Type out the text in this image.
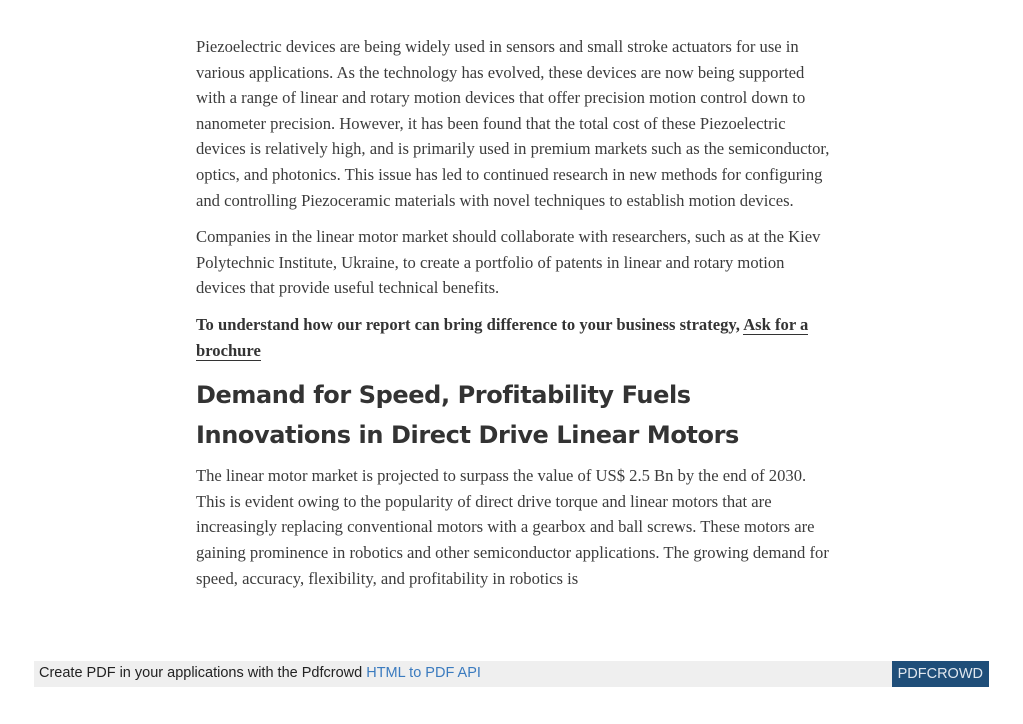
Piezoelectric devices are being widely used in sensors and small stroke actuators for use in various applications. As the technology has evolved, these devices are now being supported with a range of linear and rotary motion devices that offer precision motion control down to nanometer precision. However, it has been found that the total cost of these Piezoelectric devices is relatively high, and is primarily used in premium markets such as the semiconductor, optics, and photonics. This issue has led to continued research in new methods for configuring and controlling Piezoceramic materials with novel techniques to establish motion devices.

Companies in the linear motor market should collaborate with researchers, such as at the Kiev Polytechnic Institute, Ukraine, to create a portfolio of patents in linear and rotary motion devices that provide useful technical benefits.

To understand how our report can bring difference to your business strategy, Ask for a brochure

Demand for Speed, Profitability Fuels Innovations in Direct Drive Linear Motors

The linear motor market is projected to surpass the value of US$ 2.5 Bn by the end of 2030. This is evident owing to the popularity of direct drive torque and linear motors that are increasingly replacing conventional motors with a gearbox and ball screws. These motors are gaining prominence in robotics and other semiconductor applications. The growing demand for speed, accuracy, flexibility, and profitability in robotics is

Create PDF in your applications with the Pdfcrowd HTML to PDF API	PDFCROWD
